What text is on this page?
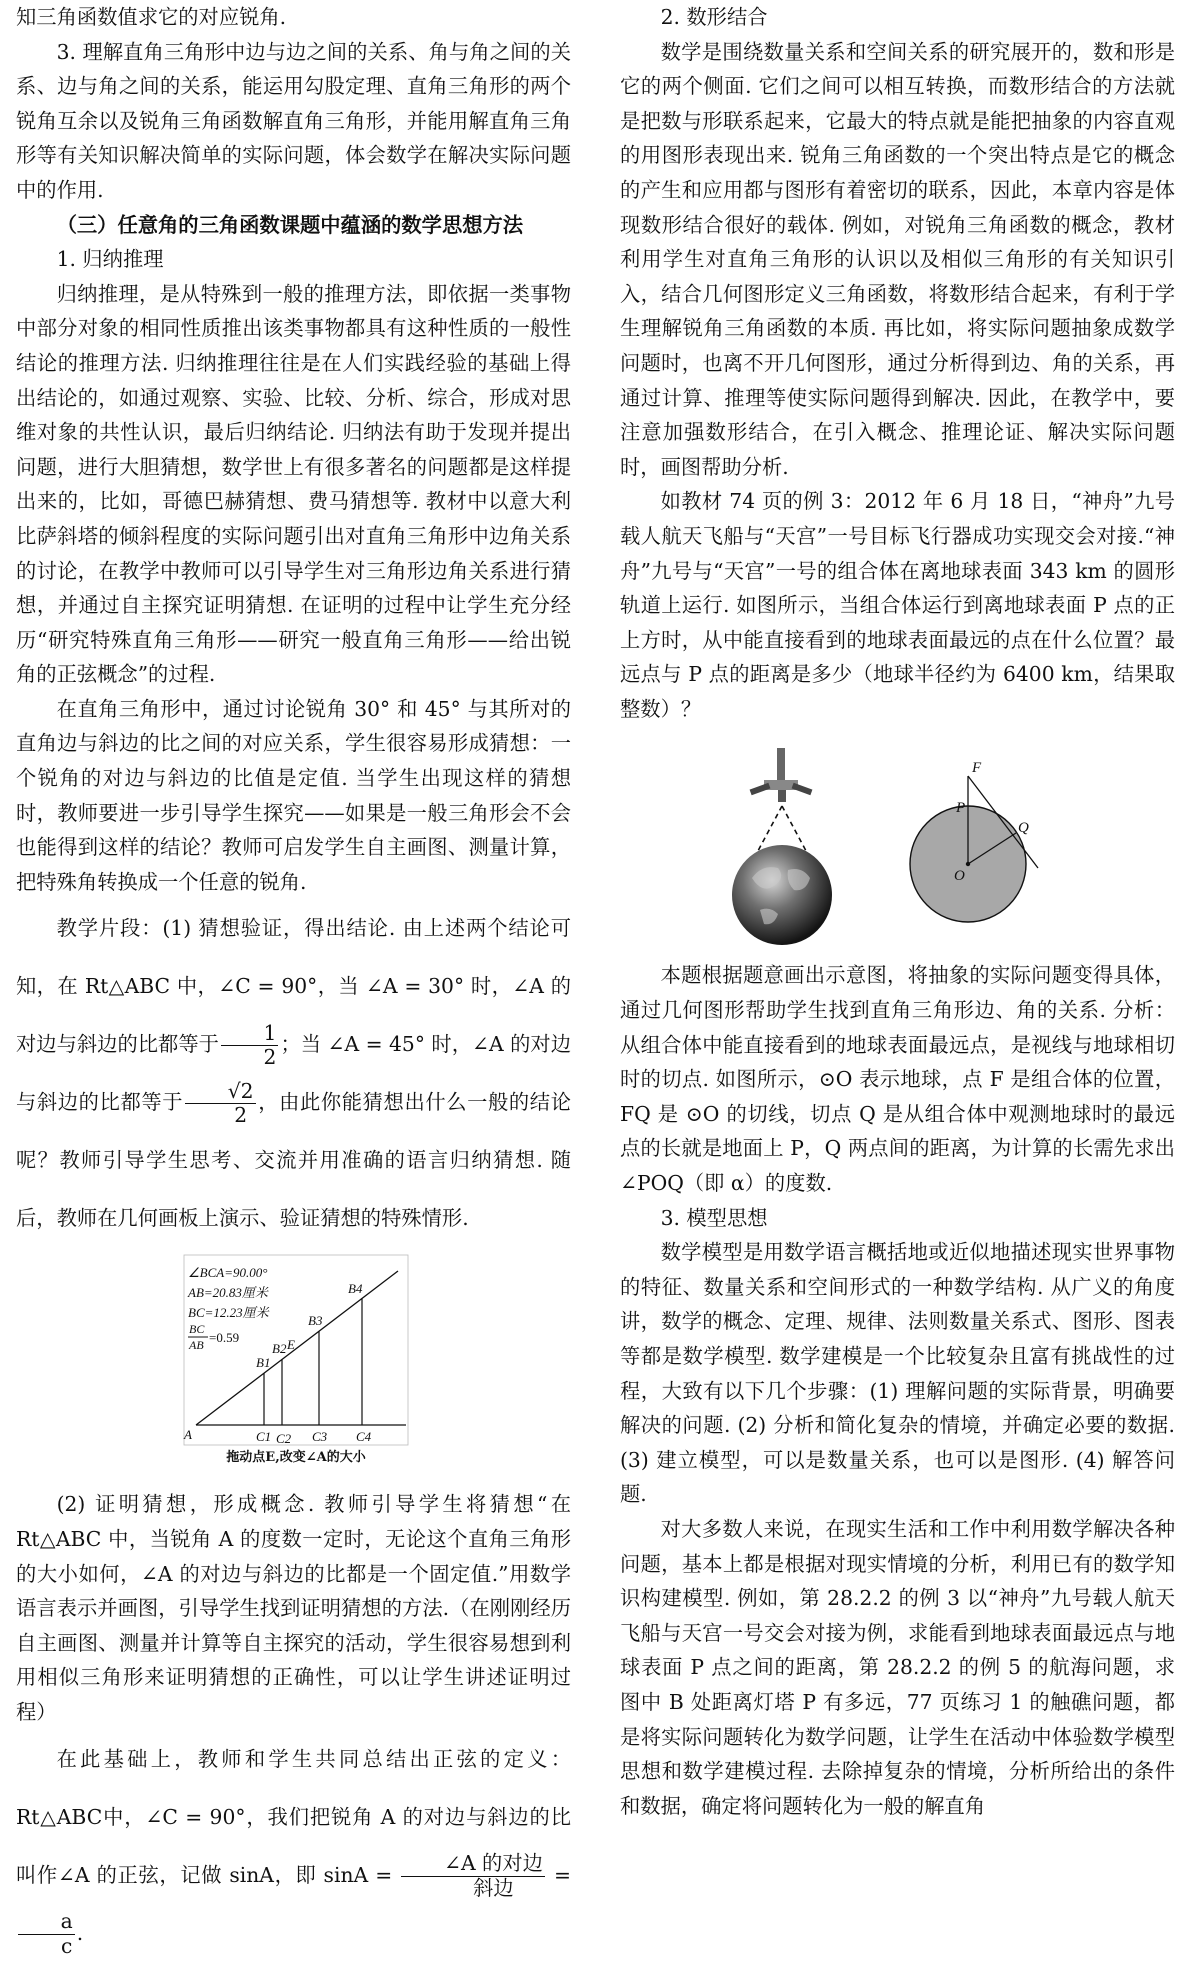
知三角函数值求它的对应锐角.

3. 理解直角三角形中边与边之间的关系、角与角之间的关系、边与角之间的关系，能运用勾股定理、直角三角形的两个锐角互余以及锐角三角函数解直角三角形，并能用解直角三角形等有关知识解决简单的实际问题，体会数学在解决实际问题中的作用.

（三）任意角的三角函数课题中蕴涵的数学思想方法

1. 归纳推理

归纳推理，是从特殊到一般的推理方法，即依据一类事物中部分对象的相同性质推出该类事物都具有这种性质的一般性结论的推理方法. 归纳推理往往是在人们实践经验的基础上得出结论的，如通过观察、实验、比较、分析、综合，形成对思维对象的共性认识，最后归纳结论. 归纳法有助于发现并提出问题，进行大胆猜想，数学世上有很多著名的问题都是这样提出来的，比如，哥德巴赫猜想、费马猜想等. 教材中以意大利比萨斜塔的倾斜程度的实际问题引出对直角三角形中边角关系的讨论，在教学中教师可以引导学生对三角形边角关系进行猜想，并通过自主探究证明猜想. 在证明的过程中让学生充分经历“研究特殊直角三角形——研究一般直角三角形——给出锐角的正弦概念”的过程.

在直角三角形中，通过讨论锐角 30° 和 45° 与其所对的直角边与斜边的比之间的对应关系，学生很容易形成猜想：一个锐角的对边与斜边的比值是定值. 当学生出现这样的猜想时，教师要进一步引导学生探究——如果是一般三角形会不会也能得到这样的结论？教师可启发学生自主画图、测量计算，把特殊角转换成一个任意的锐角.

教学片段：(1) 猜想验证，得出结论. 由上述两个结论可知，在 Rt△ABC 中，∠C = 90°，当 ∠A = 30° 时，∠A 的对边与斜边的比都等于 $\frac{1}{2}$ ；当 ∠A = 45° 时，∠A 的对边与斜边的比都等于 $\frac{√2}{2}$ ，由此你能猜想出什么一般的结论呢？教师引导学生思考、交流并用准确的语言归纳猜想. 随后，教师在几何画板上演示、验证猜想的特殊情形.

∠BCA=90.00°
AB=20.83厘米
BC=12.23厘米
BC
AB =0.59
A
B1
B2 E
B3
B4
C1 C2 C3 C4
拖动点E,改变∠A的大小

(2) 证明猜想，形成概念. 教师引导学生将猜想“在 Rt△ABC 中，当锐角 A 的度数一定时，无论这个直角三角形的大小如何，∠A 的对边与斜边的比都是一个固定值.”用数学语言表示并画图，引导学生找到证明猜想的方法.（在刚刚经历自主画图、测量并计算等自主探究的活动，学生很容易想到利用相似三角形来证明猜想的正确性，可以让学生讲述证明过程）

在此基础上，教师和学生共同总结出正弦的定义：Rt△ABC中，∠C = 90°，我们把锐角 A 的对边与斜边的比叫作∠A 的正弦，记做 sinA，即 $\sin A = \frac{\text{∠A 的对边}}{\text{斜边}}$ =
$\frac{a}{c}$ .

2. 数形结合

数学是围绕数量关系和空间关系的研究展开的，数和形是它的两个侧面. 它们之间可以相互转换，而数形结合的方法就是把数与形联系起来，它最大的特点就是能把抽象的内容直观的用图形表现出来. 锐角三角函数的一个突出特点是它的概念的产生和应用都与图形有着密切的联系，因此，本章内容是体现数形结合很好的载体. 例如，对锐角三角函数的概念，教材利用学生对直角三角形的认识以及相似三角形的有关知识引入，结合几何图形定义三角函数，将数形结合起来，有利于学生理解锐角三角函数的本质. 再比如，将实际问题抽象成数学问题时，也离不开几何图形，通过分析得到边、角的关系，再通过计算、推理等使实际问题得到解决. 因此，在教学中，要注意加强数形结合，在引入概念、推理论证、解决实际问题时，画图帮助分析.

如教材 74 页的例 3：2012 年 6 月 18 日，“神舟”九号载人航天飞船与“天宫”一号目标飞行器成功实现交会对接.“神舟”九号与“天宫”一号的组合体在离地球表面 343 km 的圆形轨道上运行. 如图所示，当组合体运行到离地球表面 P 点的正上方时，从中能直接看到的地球表面最远的点在什么位置？最远点与 P 点的距离是多少（地球半径约为 6400 km，结果取整数）？

F
P
Q
O

本题根据题意画出示意图，将抽象的实际问题变得具体，通过几何图形帮助学生找到直角三角形边、角的关系. 分析：从组合体中能直接看到的地球表面最远点，是视线与地球相切时的切点. 如图所示，⊙O 表示地球，点 F 是组合体的位置，FQ 是 ⊙O 的切线，切点 Q 是从组合体中观测地球时的最远点的长就是地面上 P，Q 两点间的距离，为计算的长需先求出∠POQ（即 α）的度数.

3. 模型思想

数学模型是用数学语言概括地或近似地描述现实世界事物的特征、数量关系和空间形式的一种数学结构. 从广义的角度讲，数学的概念、定理、规律、法则数量关系式、图形、图表等都是数学模型. 数学建模是一个比较复杂且富有挑战性的过程，大致有以下几个步骤：(1) 理解问题的实际背景，明确要解决的问题. (2) 分析和简化复杂的情境，并确定必要的数据. (3) 建立模型，可以是数量关系，也可以是图形. (4) 解答问题.

对大多数人来说，在现实生活和工作中利用数学解决各种问题，基本上都是根据对现实情境的分析，利用已有的数学知识构建模型. 例如，第 28.2.2 的例 3 以“神舟”九号载人航天飞船与天宫一号交会对接为例，求能看到地球表面最远点与地球表面 P 点之间的距离，第 28.2.2 的例 5 的航海问题，求图中 B 处距离灯塔 P 有多远，77 页练习 1 的触礁问题，都是将实际问题转化为数学问题，让学生在活动中体验数学模型思想和数学建模过程. 去除掉复杂的情境，分析所给出的条件和数据，确定将问题转化为一般的解直角
